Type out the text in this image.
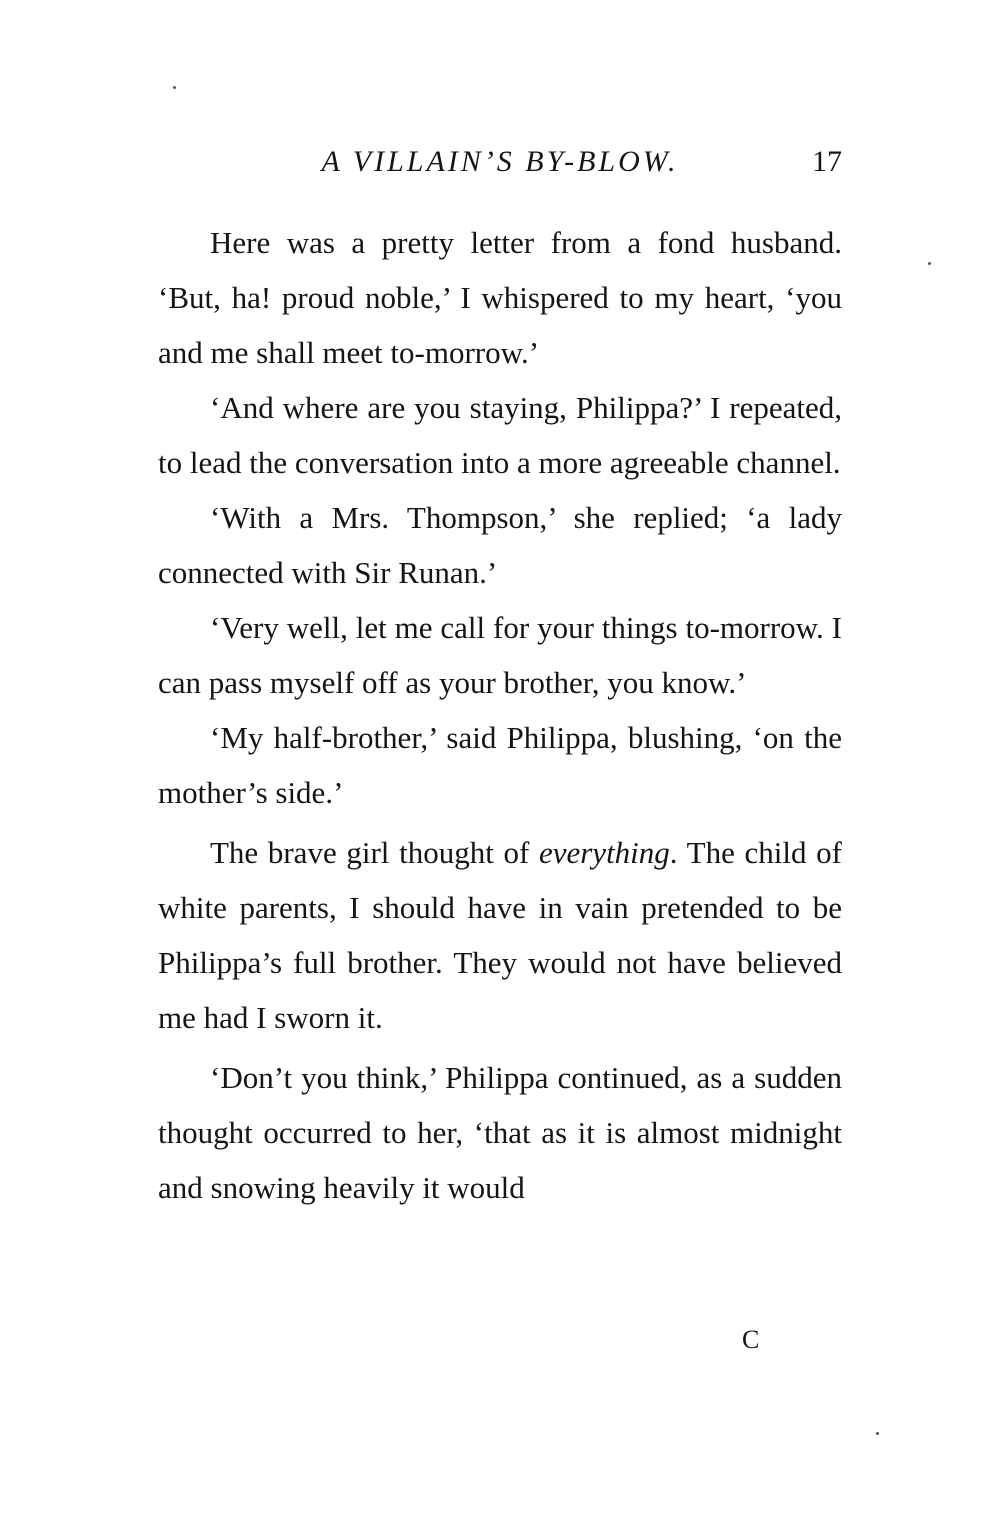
A VILLAIN’S BY-BLOW.	17

Here was a pretty letter from a fond husband. ‘But, ha! proud noble,’ I whispered to my heart, ‘you and me shall meet to-morrow.’

‘And where are you staying, Philippa?’ I repeated, to lead the conversation into a more agreeable channel.

‘With a Mrs. Thompson,’ she replied; ‘a lady connected with Sir Runan.’

‘Very well, let me call for your things to-morrow. I can pass myself off as your brother, you know.’

‘My half-brother,’ said Philippa, blushing, ‘on the mother’s side.’

The brave girl thought of everything. The child of white parents, I should have in vain pretended to be Philippa’s full brother. They would not have believed me had I sworn it.

‘Don’t you think,’ Philippa continued, as a sudden thought occurred to her, ‘that as it is almost midnight and snowing heavily it would

C
